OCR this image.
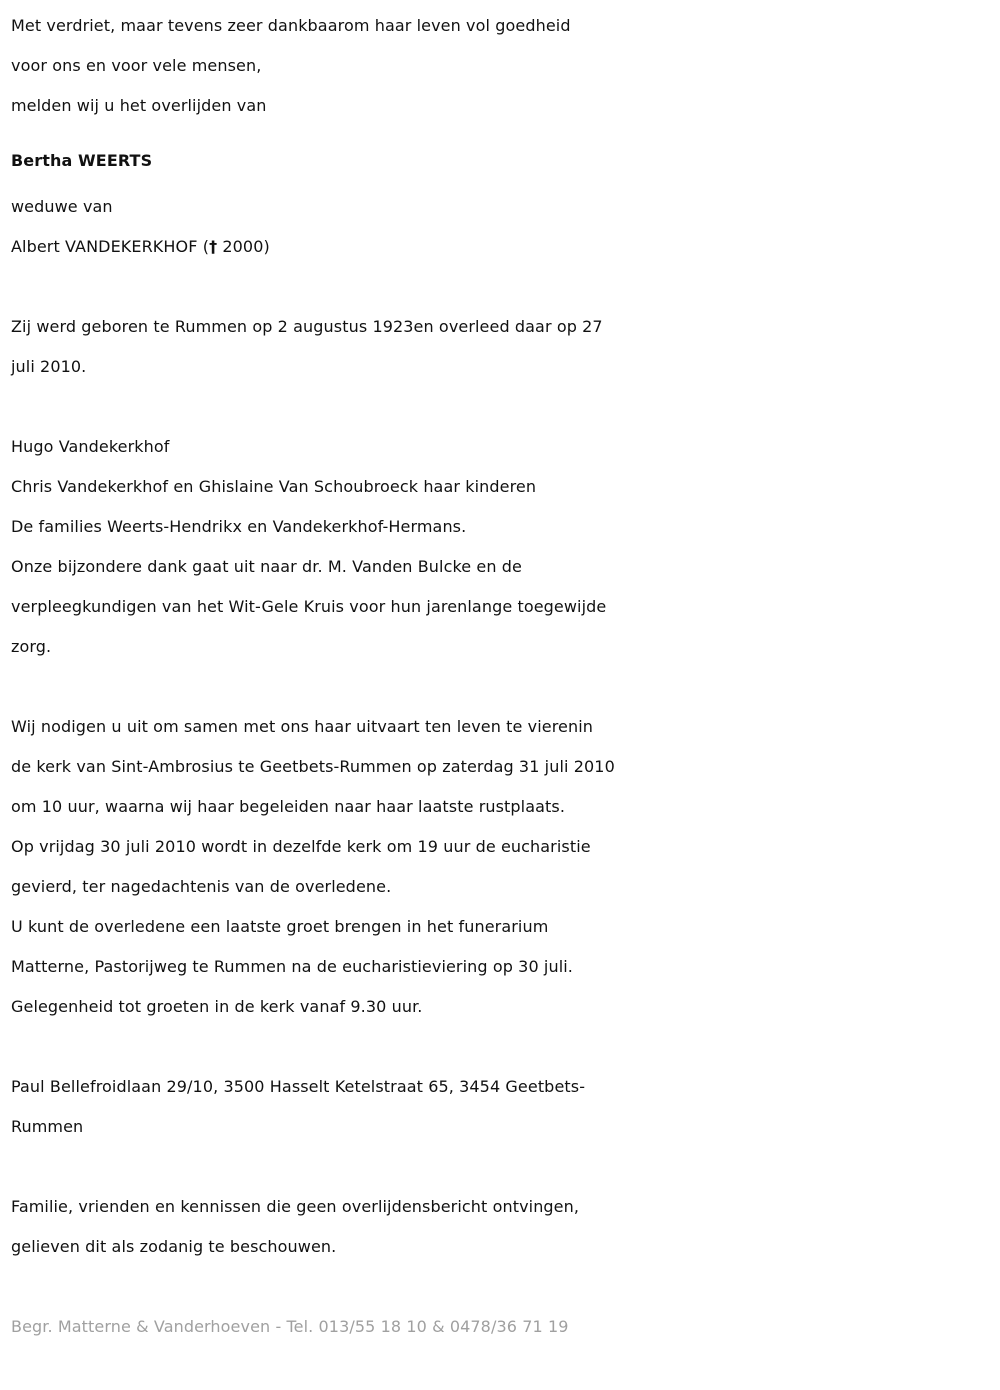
Met verdriet, maar tevens zeer dankbaarom haar leven vol goedheid
voor ons en voor vele mensen,
melden wij u het overlijden van
Bertha WEERTS
weduwe van
Albert VANDEKERKHOF († 2000)
Zij werd geboren te Rummen op 2 augustus 1923en overleed daar op 27
juli 2010.
Hugo Vandekerkhof
Chris Vandekerkhof en Ghislaine Van Schoubroeck haar kinderen
De families Weerts-Hendrikx en Vandekerkhof-Hermans.
Onze bijzondere dank gaat uit naar dr. M. Vanden Bulcke en de
verpleegkundigen van het Wit-Gele Kruis voor hun jarenlange toegewijde
zorg.
Wij nodigen u uit om samen met ons haar uitvaart ten leven te vierenin
de kerk van Sint-Ambrosius te Geetbets-Rummen op zaterdag 31 juli 2010
om 10 uur, waarna wij haar begeleiden naar haar laatste rustplaats.
Op vrijdag 30 juli 2010 wordt in dezelfde kerk om 19 uur de eucharistie
gevierd, ter nagedachtenis van de overledene.
U kunt de overledene een laatste groet brengen in het funerarium
Matterne, Pastorijweg te Rummen na de eucharistieviering op 30 juli.
Gelegenheid tot groeten in de kerk vanaf 9.30 uur.
Paul Bellefroidlaan 29/10, 3500 Hasselt Ketelstraat 65, 3454 Geetbets-
Rummen
Familie, vrienden en kennissen die geen overlijdensbericht ontvingen,
gelieven dit als zodanig te beschouwen.
Begr. Matterne & Vanderhoeven - Tel. 013/55 18 10 & 0478/36 71 19
